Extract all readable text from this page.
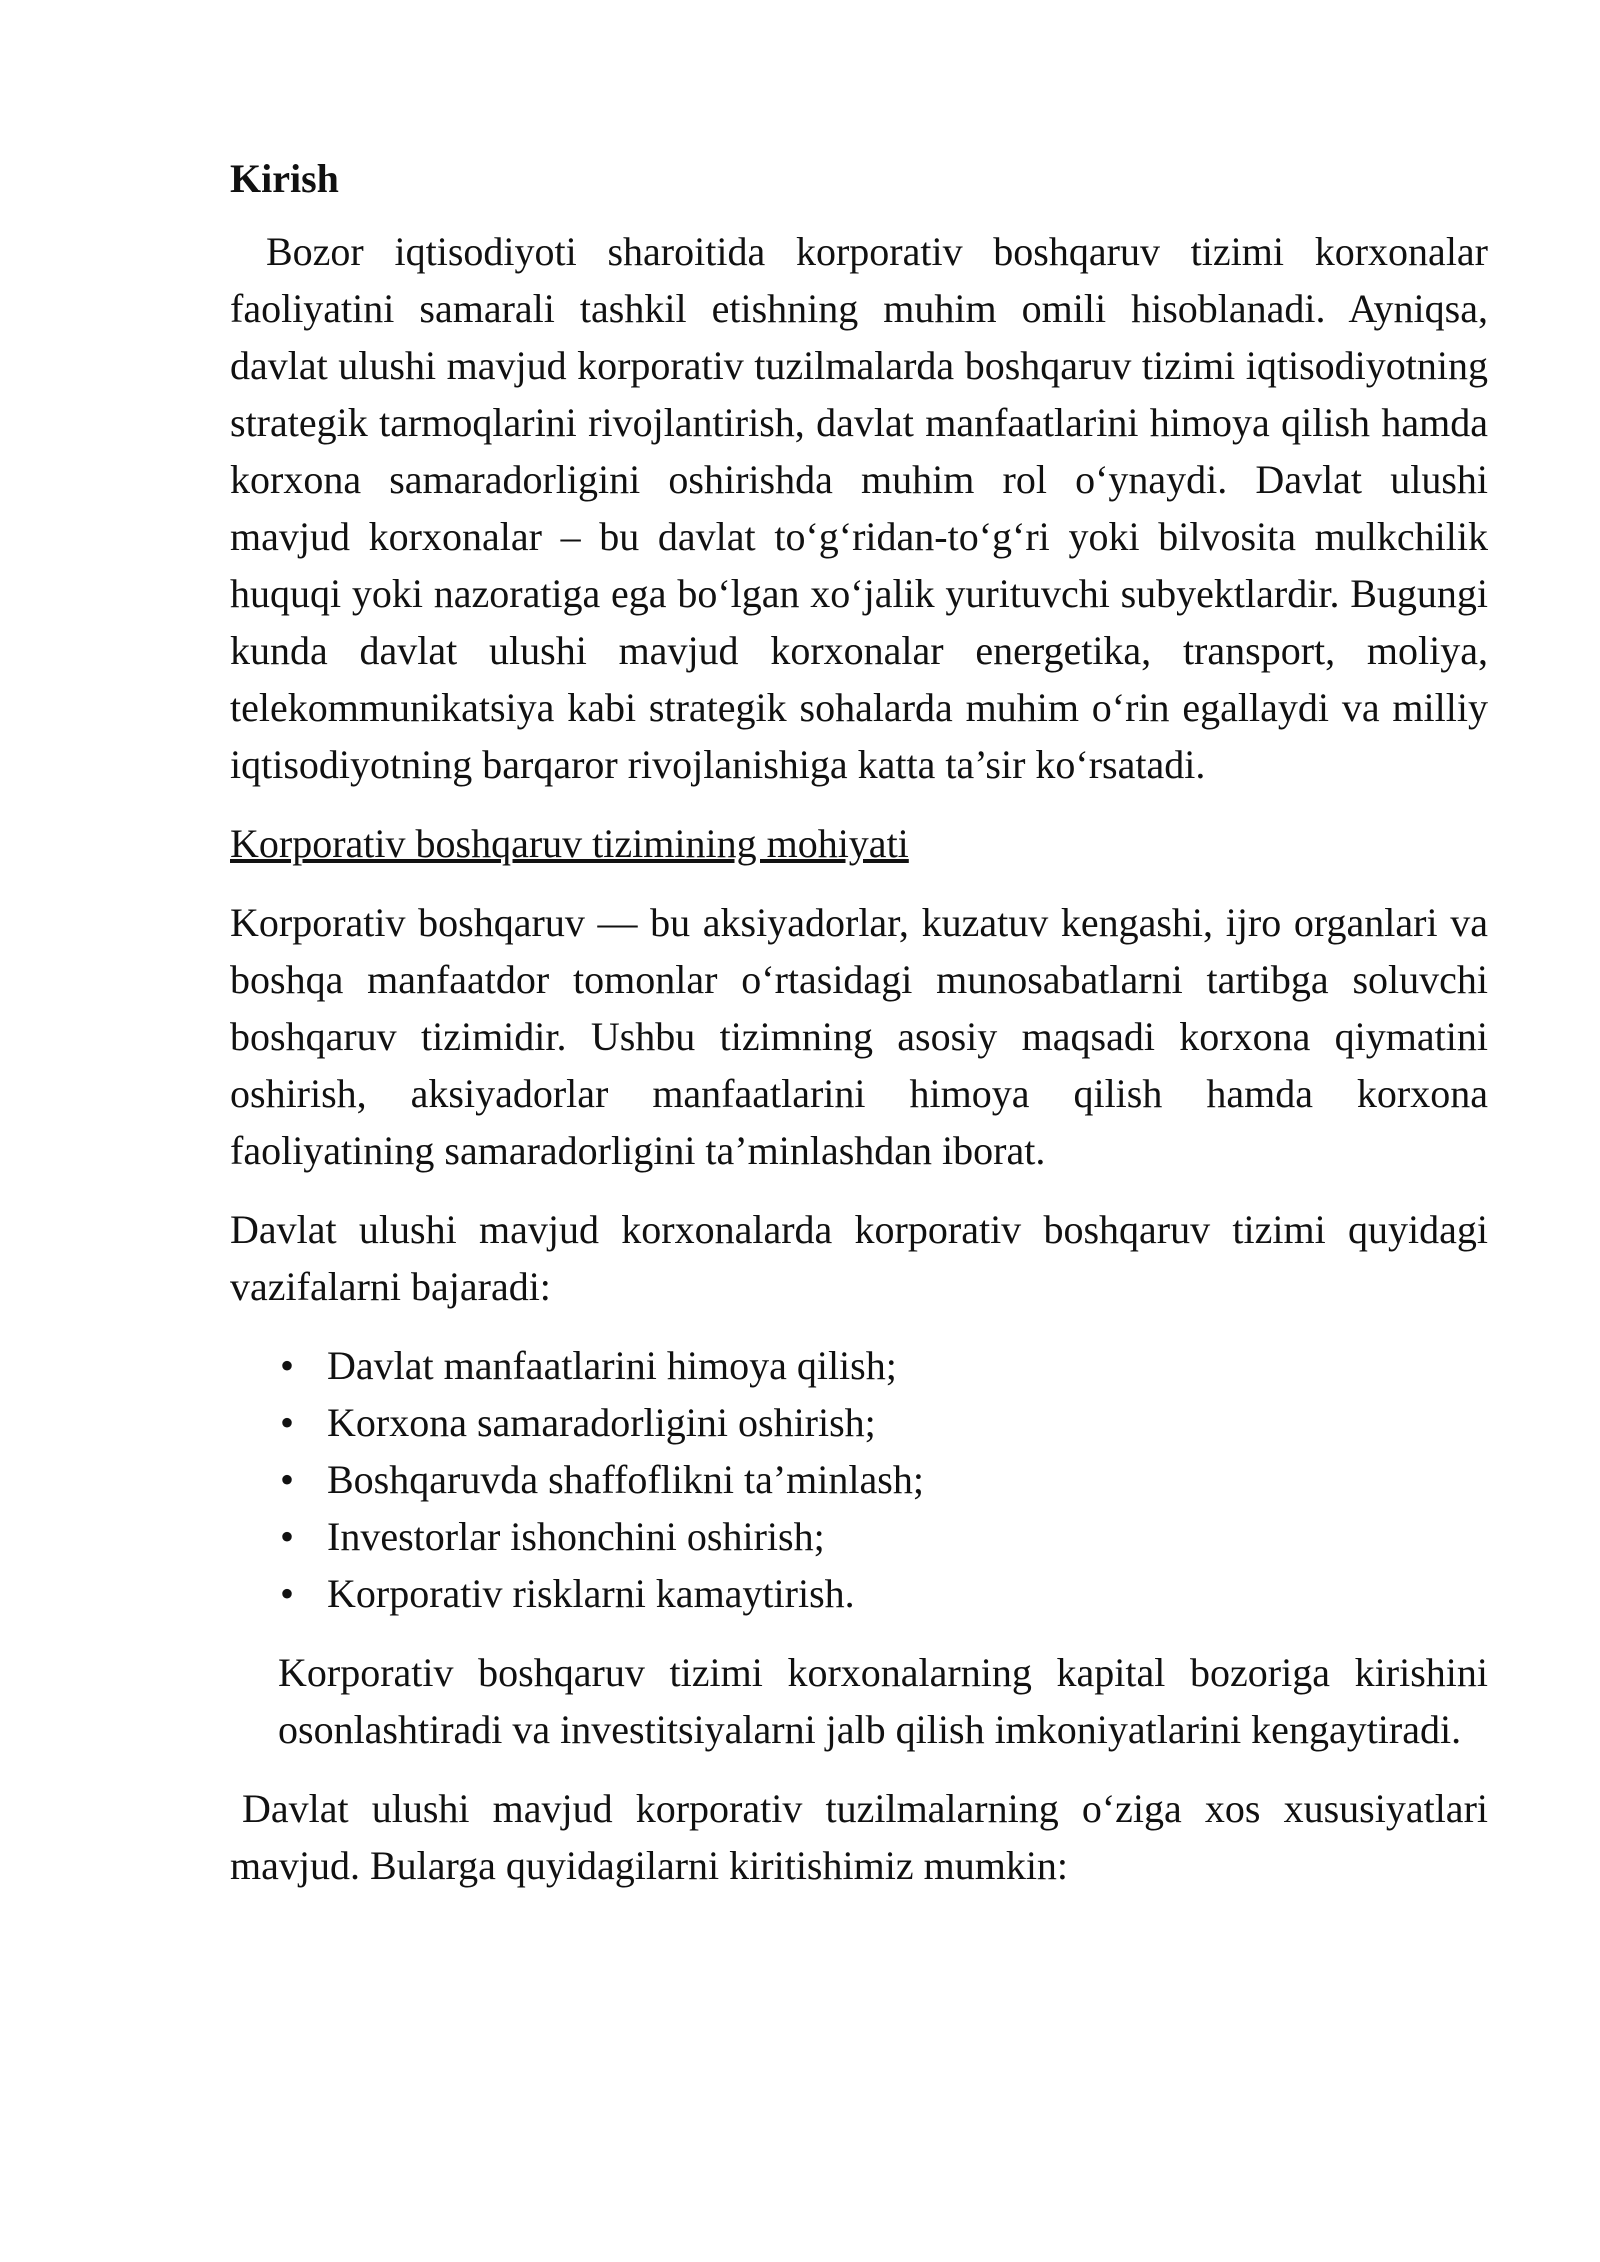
Kirish

Bozor iqtisodiyoti sharoitida korporativ boshqaruv tizimi korxonalar faoliyatini samarali tashkil etishning muhim omili hisoblanadi. Ayniqsa, davlat ulushi mavjud korporativ tuzilmalarda boshqaruv tizimi iqtisodiyotning strategik tarmoqlarini rivojlantirish, davlat manfaatlarini himoya qilish hamda korxona samaradorligini oshirishda muhim rol oʻynaydi. Davlat ulushi mavjud korxonalar – bu davlat toʻgʻridan-toʻgʻri yoki bilvosita mulkchilik huquqi yoki nazoratiga ega boʻlgan xoʻjalik yurituvchi subyektlardir. Bugungi kunda davlat ulushi mavjud korxonalar energetika, transport, moliya, telekommunikatsiya kabi strategik sohalarda muhim oʻrin egallaydi va milliy iqtisodiyotning barqaror rivojlanishiga katta ta’sir koʻrsatadi.

Korporativ boshqaruv tizimining mohiyati

Korporativ boshqaruv — bu aksiyadorlar, kuzatuv kengashi, ijro organlari va boshqa manfaatdor tomonlar oʻrtasidagi munosabatlarni tartibga soluvchi boshqaruv tizimidir. Ushbu tizimning asosiy maqsadi korxona qiymatini oshirish, aksiyadorlar manfaatlarini himoya qilish hamda korxona faoliyatining samaradorligini ta’minlashdan iborat.

Davlat ulushi mavjud korxonalarda korporativ boshqaruv tizimi quyidagi vazifalarni bajaradi:

• Davlat manfaatlarini himoya qilish;
• Korxona samaradorligini oshirish;
• Boshqaruvda shaffoflikni ta’minlash;
• Investorlar ishonchini oshirish;
• Korporativ risklarni kamaytirish.

Korporativ boshqaruv tizimi korxonalarning kapital bozoriga kirishini osonlashtiradi va investitsiyalarni jalb qilish imkoniyatlarini kengaytiradi.

Davlat ulushi mavjud korporativ tuzilmalarning oʻziga xos xususiyatlari mavjud. Bularga quyidagilarni kiritishimiz mumkin:
